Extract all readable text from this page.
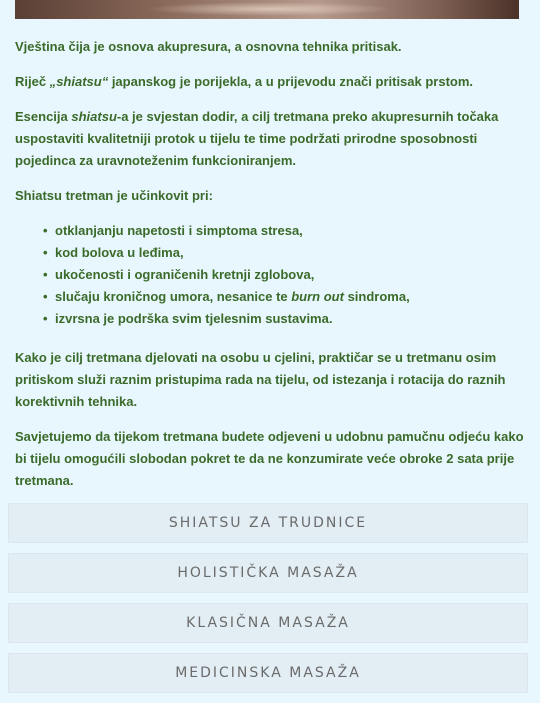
Vještina čija je osnova akupresura, a osnovna tehnika pritisak.

Riječ „shiatsu“ japanskog je porijekla, a u prijevodu znači pritisak prstom.

Esencija shiatsu-a je svjestan dodir, a cilj tretmana preko akupresurnih točaka uspostaviti kvalitetniji protok u tijelu te time podržati prirodne sposobnosti pojedinca za uravnoteženim funkcioniranjem.

Shiatsu tretman je učinkovit pri:

• otklanjanju napetosti i simptoma stresa,
• kod bolova u leđima,
• ukočenosti i ograničenih kretnji zglobova,
• slučaju kroničnog umora, nesanice te burn out sindroma,
• izvrsna je podrška svim tjelesnim sustavima.

Kako je cilj tretmana djelovati na osobu u cjelini, praktičar se u tretmanu osim pritiskom služi raznim pristupima rada na tijelu, od istezanja i rotacija do raznih korektivnih tehnika.

Savjetujemo da tijekom tretmana budete odjeveni u udobnu pamučnu odjeću kako bi tijelu omogućili slobodan pokret te da ne konzumirate veće obroke 2 sata prije tretmana.

SHIATSU ZA TRUDNICE
HOLISTIČKA MASAŽA
KLASIČNA MASAŽA
MEDICINSKA MASAŽA
